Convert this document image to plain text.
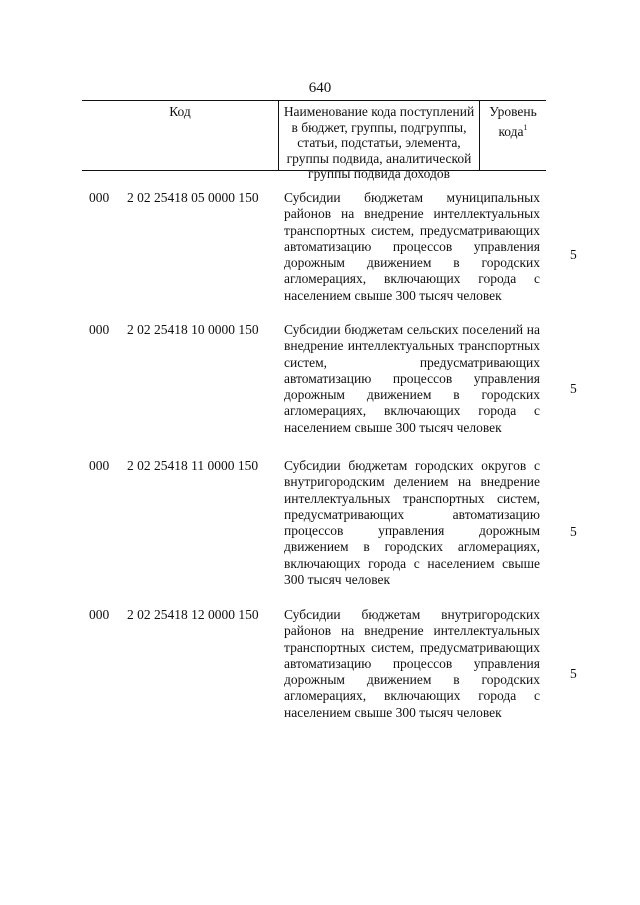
640
Код	Наименование кода поступлений в бюджет, группы, подгруппы, статьи, подстатьи, элемента, группы подвида, аналитической группы подвида доходов
Уровень кода$^1$
000 2 02 25418 05 0000 150 Субсидии бюджетам муниципальных районов на внедрение интеллектуальных транспортных систем, предусматривающих автоматизацию процессов управления дорожным движением в городских агломерациях, включающих города с населением свыше 300 тысяч человек
5
000 2 02 25418 10 0000 150 Субсидии бюджетам сельских поселений на внедрение интеллектуальных транспортных систем, предусматривающих автоматизацию процессов управления дорожным движением в городских агломерациях, включающих города с населением свыше 300 тысяч человек
5
000 2 02 25418 11 0000 150 Субсидии бюджетам городских округов с внутригородским делением на внедрение интеллектуальных транспортных систем, предусматривающих автоматизацию процессов управления дорожным движением в городских агломерациях, включающих города с населением свыше 300 тысяч человек
5
000 2 02 25418 12 0000 150 Субсидии бюджетам внутригородских районов на внедрение интеллектуальных транспортных систем, предусматривающих автоматизацию процессов управления дорожным движением в городских агломерациях, включающих города с населением свыше 300 тысяч человек
5
